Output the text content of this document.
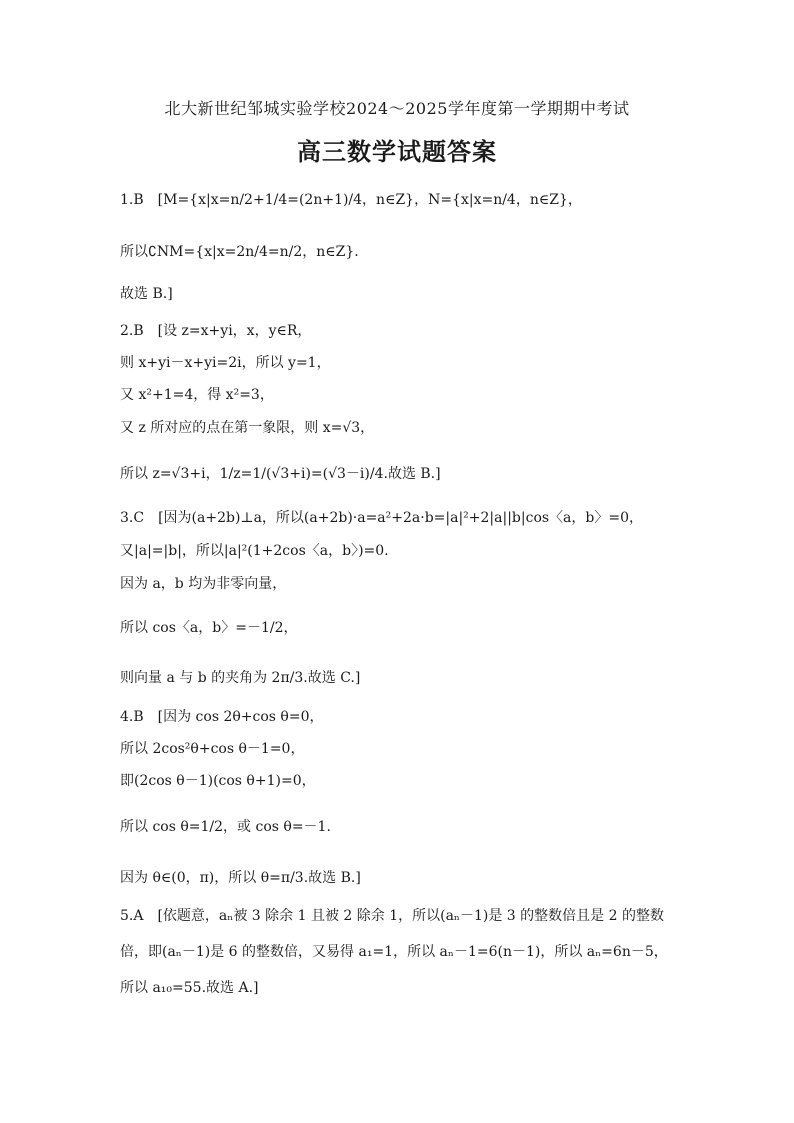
北大新世纪邹城实验学校2024～2025学年度第一学期期中考试
高三数学试题答案
1.B　[M={x|x=n/2+1/4=(2n+1)/4，n∈Z}，N={x|x=n/4，n∈Z}，
所以∁NM={x|x=2n/4=n/2，n∈Z}.
故选 B.]
2.B　[设 z=x+yi，x，y∈R，
则 x+yi－x+yi=2i，所以 y=1，
又 x²+1=4，得 x²=3，
又 z 所对应的点在第一象限，则 x=√3，
所以 z=√3+i，1/z=1/(√3+i)=(√3－i)/4.故选 B.]
3.C　[因为(a+2b)⊥a，所以(a+2b)·a=a²+2a·b=|a|²+2|a||b|cos〈a，b〉=0，
又|a|=|b|，所以|a|²(1+2cos〈a，b〉)=0.
因为 a，b 均为非零向量，
所以 cos〈a，b〉=－1/2，
则向量 a 与 b 的夹角为 2π/3.故选 C.]
4.B　[因为 cos 2θ+cos θ=0，
所以 2cos²θ+cos θ－1=0，
即(2cos θ－1)(cos θ+1)=0，
所以 cos θ=1/2，或 cos θ=－1.
因为 θ∈(0，π)，所以 θ=π/3.故选 B.]
5.A　[依题意，aₙ被 3 除余 1 且被 2 除余 1，所以(aₙ－1)是 3 的整数倍且是 2 的整数倍，即(aₙ－1)是 6 的整数倍，又易得 a₁=1，所以 aₙ－1=6(n－1)，所以 aₙ=6n－5，所以 a₁₀=55.故选 A.]
